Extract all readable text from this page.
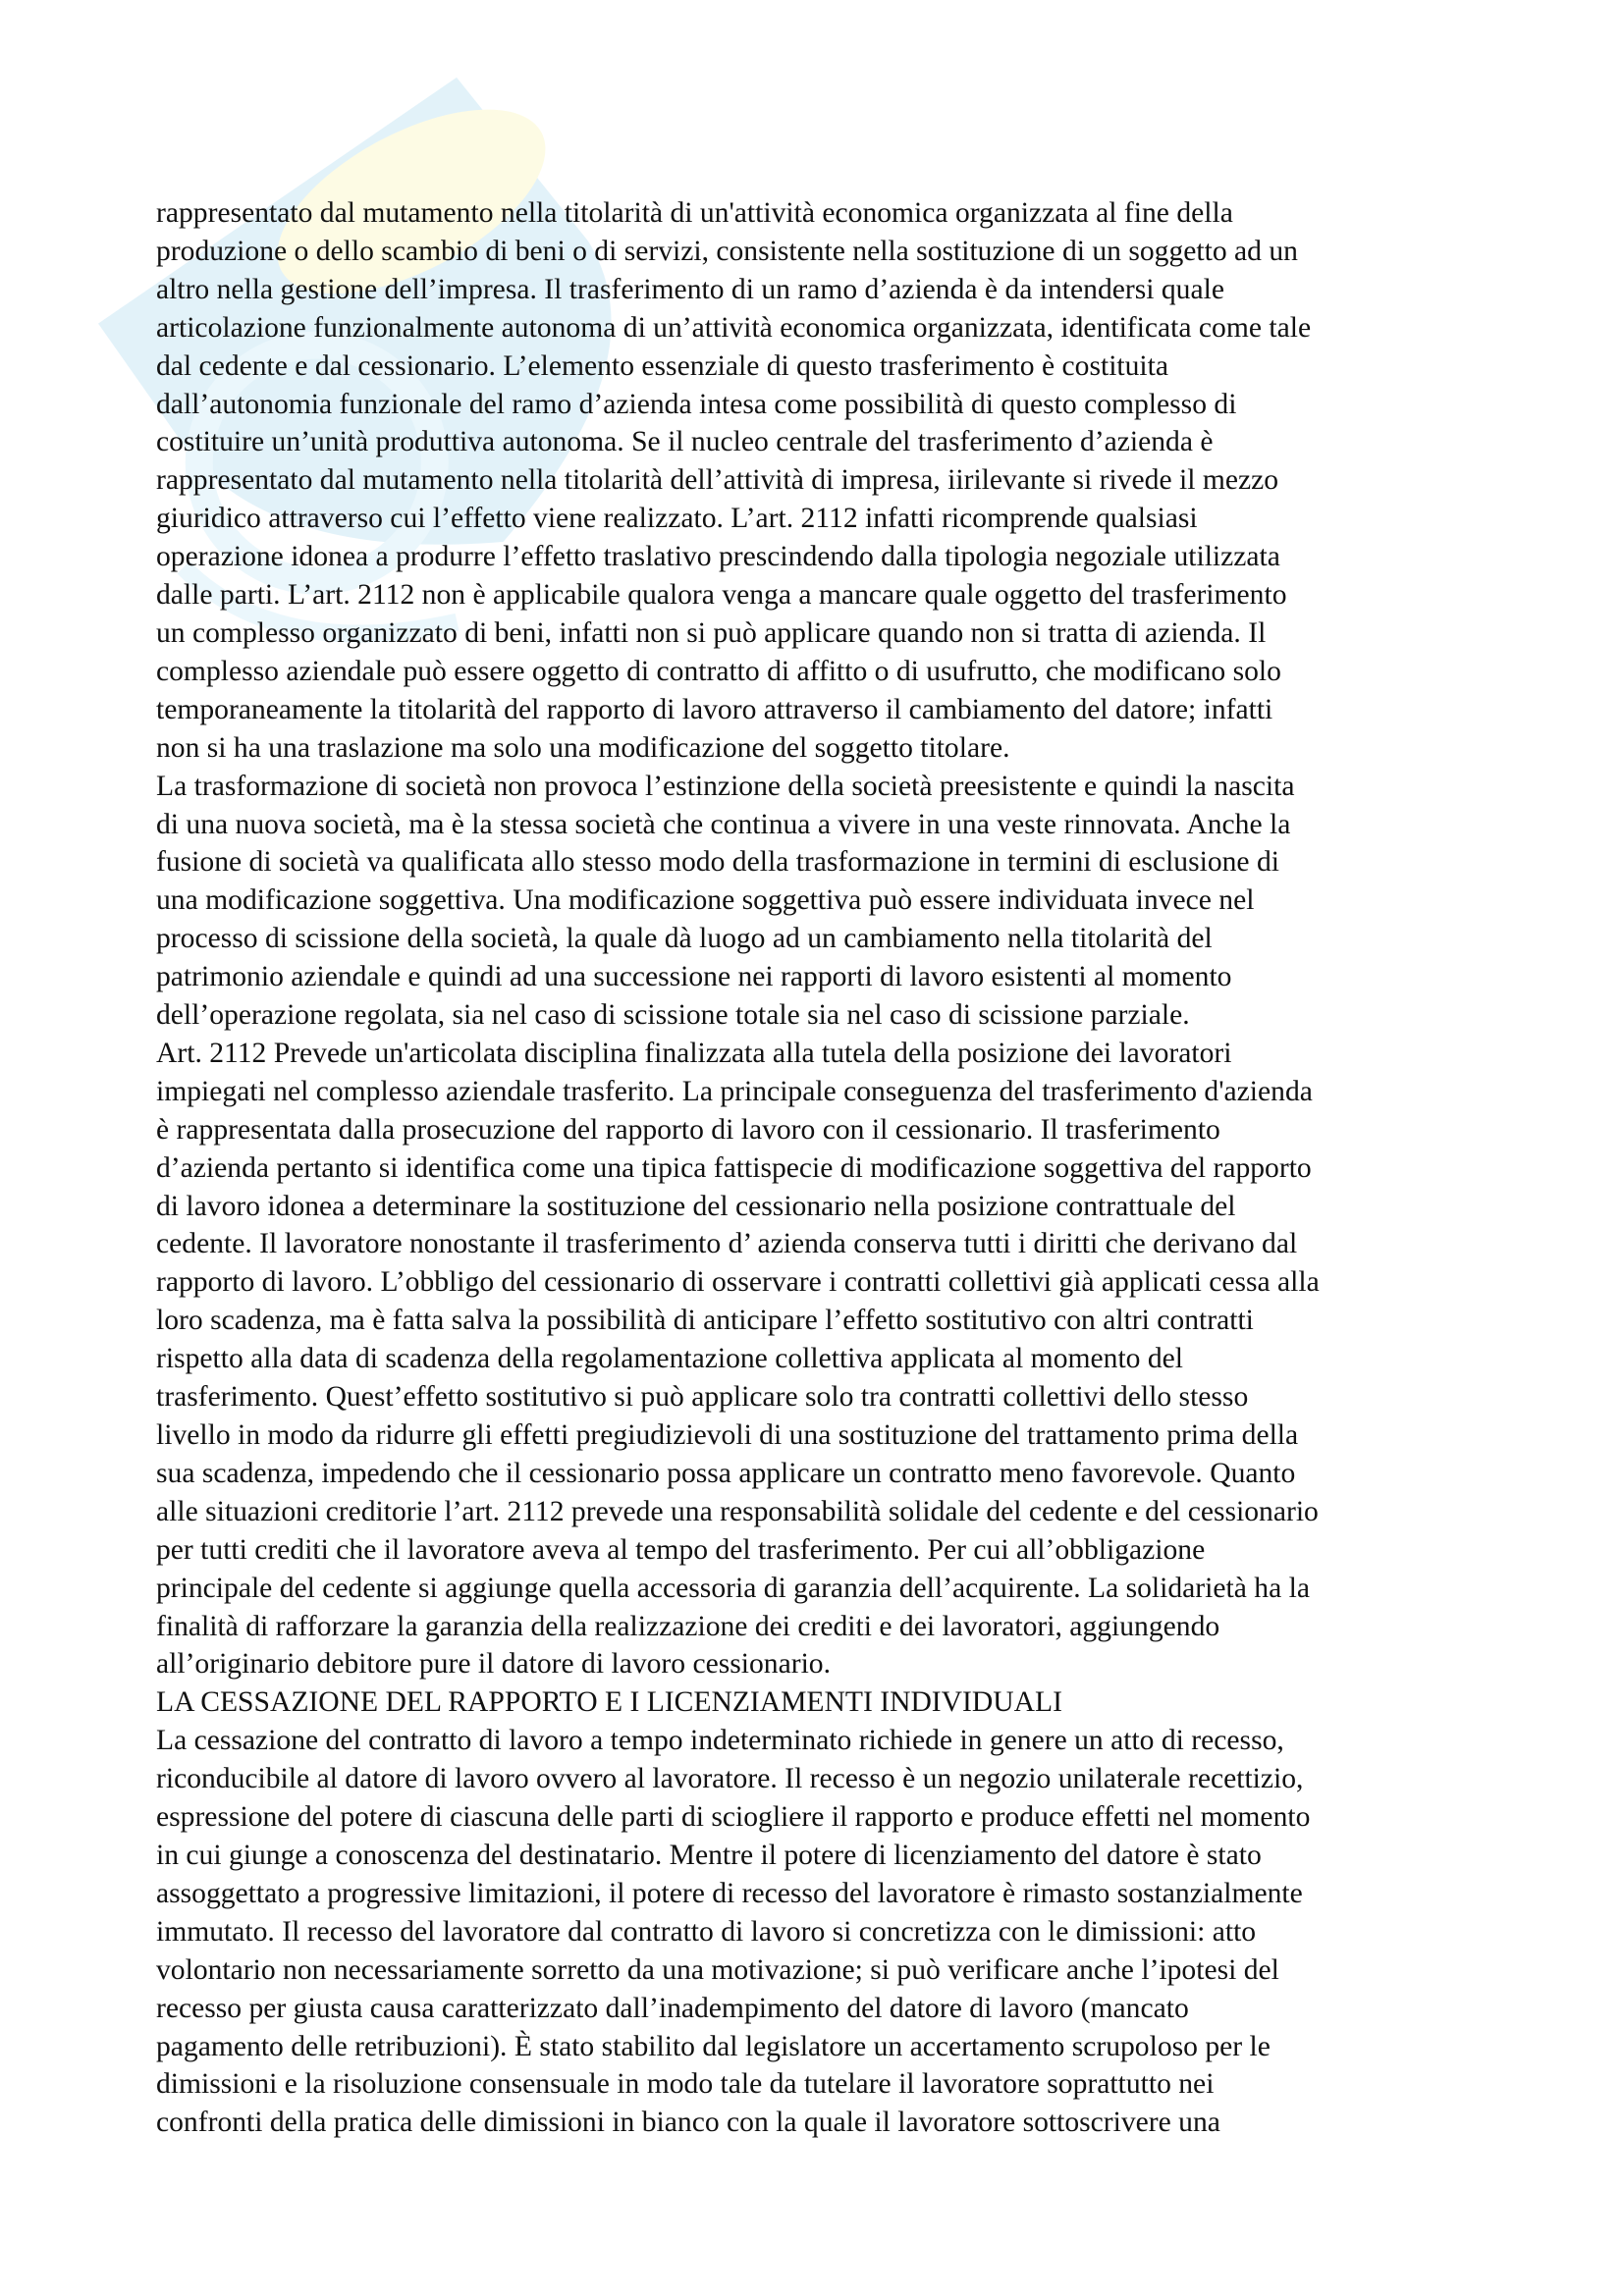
rappresentato dal mutamento nella titolarità di un'attività economica organizzata al fine della
produzione o dello scambio di beni o di servizi, consistente nella sostituzione di un soggetto ad un
altro nella gestione dell’impresa. Il trasferimento di un ramo d’azienda è da intendersi quale
articolazione funzionalmente autonoma di un’attività economica organizzata, identificata come tale
dal cedente e dal cessionario. L’elemento essenziale di questo trasferimento è costituita
dall’autonomia funzionale del ramo d’azienda intesa come possibilità di questo complesso di
costituire un’unità produttiva autonoma. Se il nucleo centrale del trasferimento d’azienda è
rappresentato dal mutamento nella titolarità dell’attività di impresa, iirilevante si rivede il mezzo
giuridico attraverso cui l’effetto viene realizzato. L’art. 2112 infatti ricomprende qualsiasi
operazione idonea a produrre l’effetto traslativo prescindendo dalla tipologia negoziale utilizzata
dalle parti. L’art. 2112 non è applicabile qualora venga a mancare quale oggetto del trasferimento
un complesso organizzato di beni, infatti non si può applicare quando non si tratta di azienda. Il
complesso aziendale può essere oggetto di contratto di affitto o di usufrutto, che modificano solo
temporaneamente la titolarità del rapporto di lavoro attraverso il cambiamento del datore; infatti
non si ha una traslazione ma solo una modificazione del soggetto titolare.
La trasformazione di società non provoca l’estinzione della società preesistente e quindi la nascita
di una nuova società, ma è la stessa società che continua a vivere in una veste rinnovata. Anche la
fusione di società va qualificata allo stesso modo della trasformazione in termini di esclusione di
una modificazione soggettiva. Una modificazione soggettiva può essere individuata invece nel
processo di scissione della società, la quale dà luogo ad un cambiamento nella titolarità del
patrimonio aziendale e quindi ad una successione nei rapporti di lavoro esistenti al momento
dell’operazione regolata, sia nel caso di scissione totale sia nel caso di scissione parziale.
Art. 2112 Prevede un'articolata disciplina finalizzata alla tutela della posizione dei lavoratori
impiegati nel complesso aziendale trasferito. La principale conseguenza del trasferimento d'azienda
è rappresentata dalla prosecuzione del rapporto di lavoro con il cessionario. Il trasferimento
d’azienda pertanto si identifica come una tipica fattispecie di modificazione soggettiva del rapporto
di lavoro idonea a determinare la sostituzione del cessionario nella posizione contrattuale del
cedente. Il lavoratore nonostante il trasferimento d’ azienda conserva tutti i diritti che derivano dal
rapporto di lavoro. L’obbligo del cessionario di osservare i contratti collettivi già applicati cessa alla
loro scadenza, ma è fatta salva la possibilità di anticipare l’effetto sostitutivo con altri contratti
rispetto alla data di scadenza della regolamentazione collettiva applicata al momento del
trasferimento. Quest’effetto sostitutivo si può applicare solo tra contratti collettivi dello stesso
livello in modo da ridurre gli effetti pregiudizievoli di una sostituzione del trattamento prima della
sua scadenza, impedendo che il cessionario possa applicare un contratto meno favorevole. Quanto
alle situazioni creditorie l’art. 2112 prevede una responsabilità solidale del cedente e del cessionario
per tutti crediti che il lavoratore aveva al tempo del trasferimento. Per cui all’obbligazione
principale del cedente si aggiunge quella accessoria di garanzia dell’acquirente. La solidarietà ha la
finalità di rafforzare la garanzia della realizzazione dei crediti e dei lavoratori, aggiungendo
all’originario debitore pure il datore di lavoro cessionario.
LA CESSAZIONE DEL RAPPORTO E I LICENZIAMENTI INDIVIDUALI
La cessazione del contratto di lavoro a tempo indeterminato richiede in genere un atto di recesso,
riconducibile al datore di lavoro ovvero al lavoratore. Il recesso è un negozio unilaterale recettizio,
espressione del potere di ciascuna delle parti di sciogliere il rapporto e produce effetti nel momento
in cui giunge a conoscenza del destinatario. Mentre il potere di licenziamento del datore è stato
assoggettato a progressive limitazioni, il potere di recesso del lavoratore è rimasto sostanzialmente
immutato. Il recesso del lavoratore dal contratto di lavoro si concretizza con le dimissioni: atto
volontario non necessariamente sorretto da una motivazione; si può verificare anche l’ipotesi del
recesso per giusta causa caratterizzato dall’inadempimento del datore di lavoro (mancato
pagamento delle retribuzioni). È stato stabilito dal legislatore un accertamento scrupoloso per le
dimissioni e la risoluzione consensuale in modo tale da tutelare il lavoratore soprattutto nei
confronti della pratica delle dimissioni in bianco con la quale il lavoratore sottoscrivere una
